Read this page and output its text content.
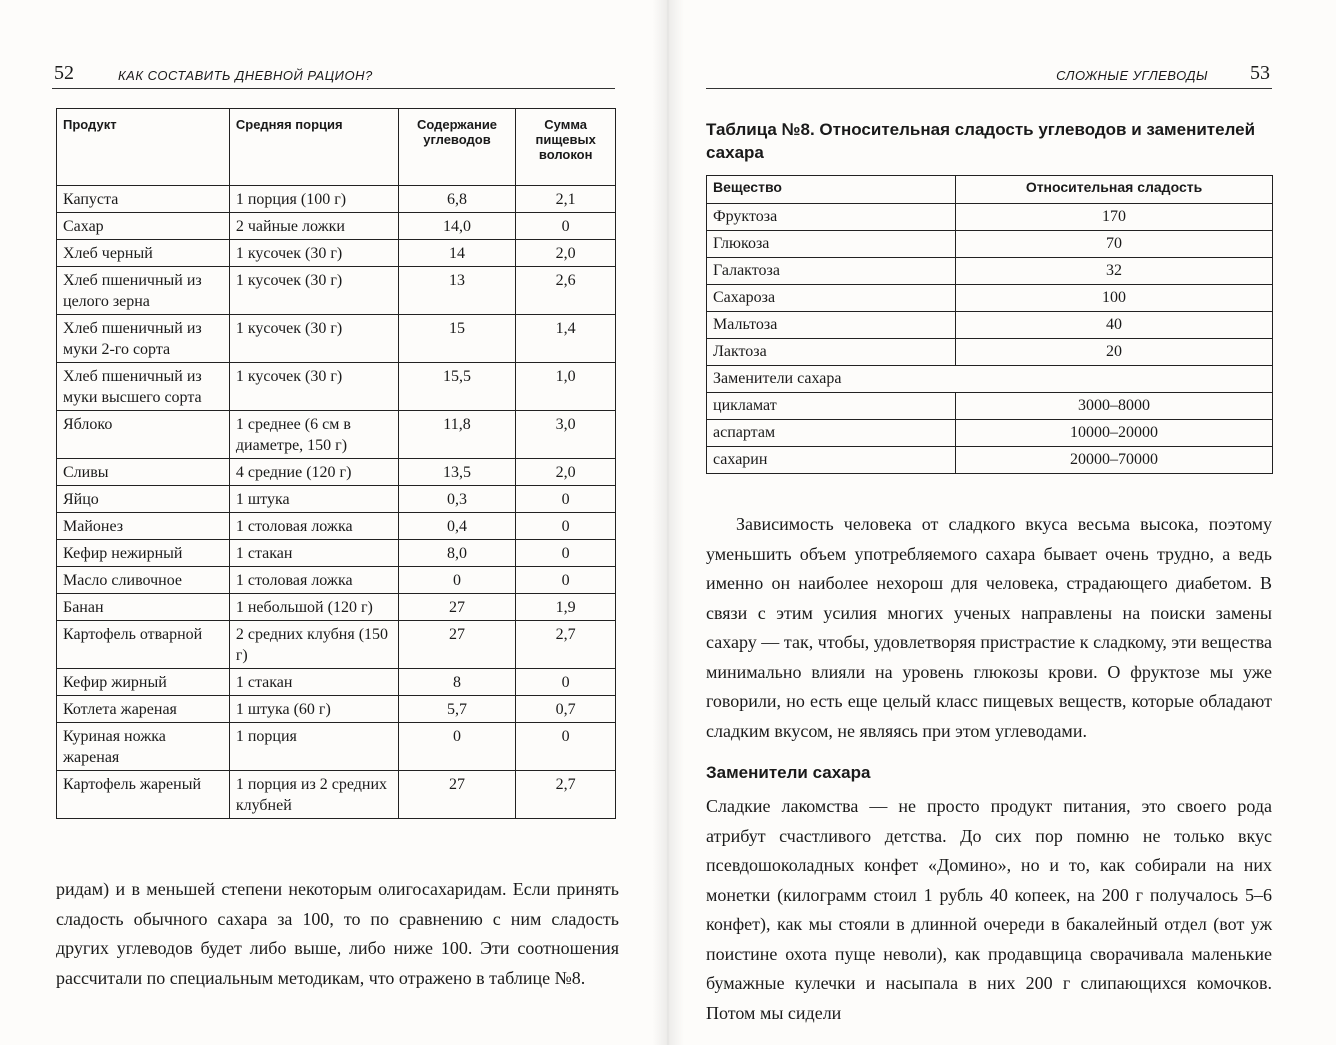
52	КАК СОСТАВИТЬ ДНЕВНОЙ РАЦИОН?
Продукт	Средняя порция	Содержание углеводов	Сумма пищевых волокон
Капуста	1 порция (100 г)	6,8	2,1
Сахар	2 чайные ложки	14,0	0
Хлеб черный	1 кусочек (30 г)	14	2,0
Хлеб пшеничный из целого зерна	1 кусочек (30 г)	13	2,6
Хлеб пшеничный из муки 2-го сорта	1 кусочек (30 г)	15	1,4
Хлеб пшеничный из муки высшего сорта	1 кусочек (30 г)	15,5	1,0
Яблоко	1 среднее (6 см в диаметре, 150 г)	11,8	3,0
Сливы	4 средние (120 г)	13,5	2,0
Яйцо	1 штука	0,3	0
Майонез	1 столовая ложка	0,4	0
Кефир нежирный	1 стакан	8,0	0
Масло сливочное	1 столовая ложка	0	0
Банан	1 небольшой (120 г)	27	1,9
Картофель отварной	2 средних клубня (150 г)	27	2,7
Кефир жирный	1 стакан	8	0
Котлета жареная	1 штука (60 г)	5,7	0,7
Куриная ножка жареная	1 порция	0	0
Картофель жареный	1 порция из 2 средних клубней	27	2,7
ридам) и в меньшей степени некоторым олигосахаридам. Если принять сладость обычного сахара за 100, то по сравнению с ним сладость других углеводов будет либо выше, либо ниже 100. Эти соотношения рассчитали по специальным методикам, что отражено в таблице №8.
СЛОЖНЫЕ УГЛЕВОДЫ 53
Таблица №8. Относительная сладость углеводов и заменителей сахара
Вещество	Относительная сладость
Фруктоза	170
Глюкоза	70
Галактоза	32
Сахароза	100
Мальтоза	40
Лактоза	20
Заменители сахара	
цикламат	3000–8000
аспартам	10000–20000
сахарин	20000–70000
Зависимость человека от сладкого вкуса весьма высока, поэтому уменьшить объем употребляемого сахара бывает очень трудно, а ведь именно он наиболее нехорош для человека, страдающего диабетом. В связи с этим усилия многих ученых направлены на поиски замены сахару — так, чтобы, удовлетворяя пристрастие к сладкому, эти вещества минимально влияли на уровень глюкозы крови. О фруктозе мы уже говорили, но есть еще целый класс пищевых веществ, которые обладают сладким вкусом, не являясь при этом углеводами.
Заменители сахара
Сладкие лакомства — не просто продукт питания, это своего рода атрибут счастливого детства. До сих пор помню не только вкус псевдошоколадных конфет «Домино», но и то, как собирали на них монетки (килограмм стоил 1 рубль 40 копеек, на 200 г получалось 5–6 конфет), как мы стояли в длинной очереди в бакалейный отдел (вот уж поистине охота пуще неволи), как продавщица сворачивала маленькие бумажные кулечки и насыпала в них 200 г слипающихся комочков. Потом мы сидели
